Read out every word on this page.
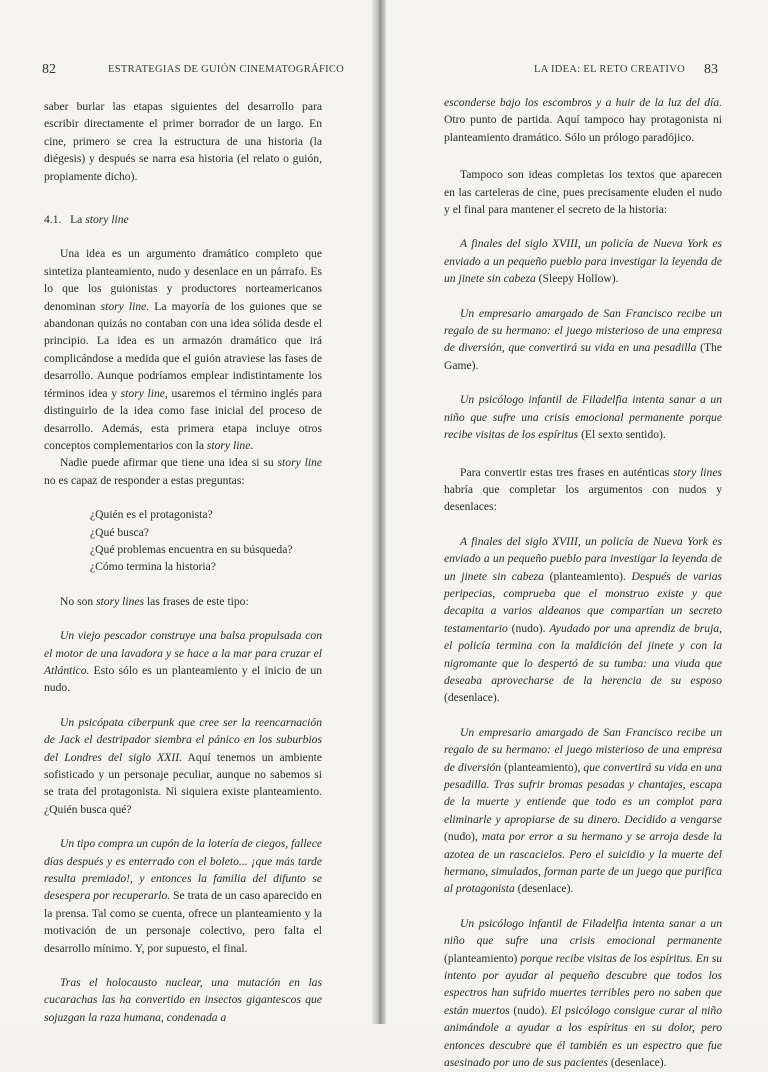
82	ESTRATEGIAS DE GUIÓN CINEMATOGRÁFICO

saber burlar las etapas siguientes del desarrollo para escribir directamente el primer borrador de un largo. En cine, primero se crea la estructura de una historia (la diégesis) y después se narra esa historia (el relato o guión, propiamente dicho).

4.1. La story line

Una idea es un argumento dramático completo que sintetiza planteamiento, nudo y desenlace en un párrafo. Es lo que los guionistas y productores norteamericanos denominan story line. La mayoría de los guiones que se abandonan quizás no contaban con una idea sólida desde el principio. La idea es un armazón dramático que irá complicándose a medida que el guión atraviese las fases de desarrollo. Aunque podríamos emplear indistintamente los términos idea y story line, usaremos el término inglés para distinguirlo de la idea como fase inicial del proceso de desarrollo. Además, esta primera etapa incluye otros conceptos complementarios con la story line.

Nadie puede afirmar que tiene una idea si su story line no es capaz de responder a estas preguntas:

¿Quién es el protagonista?

¿Qué busca?

¿Qué problemas encuentra en su búsqueda?

¿Cómo termina la historia?

No son story lines las frases de este tipo:

Un viejo pescador construye una balsa propulsada con el motor de una lavadora y se hace a la mar para cruzar el Atlántico. Esto sólo es un planteamiento y el inicio de un nudo.

Un psicópata ciberpunk que cree ser la reencarnación de Jack el destripador siembra el pánico en los suburbios del Londres del siglo XXII. Aquí tenemos un ambiente sofisticado y un personaje peculiar, aunque no sabemos si se trata del protagonista. Ni siquiera existe planteamiento. ¿Quién busca qué?

Un tipo compra un cupón de la lotería de ciegos, fallece días después y es enterrado con el boleto... ¡que más tarde resulta premiado!, y entonces la familia del difunto se desespera por recuperarlo. Se trata de un caso aparecido en la prensa. Tal como se cuenta, ofrece un planteamiento y la motivación de un personaje colectivo, pero falta el desarrollo mínimo. Y, por supuesto, el final.

Tras el holocausto nuclear, una mutación en las cucarachas las ha convertido en insectos gigantescos que sojuzgan la raza humana, condenada a

LA IDEA: EL RETO CREATIVO 83

esconderse bajo los escombros y a huir de la luz del día. Otro punto de partida. Aquí tampoco hay protagonista ni planteamiento dramático. Sólo un prólogo paradójico.

Tampoco son ideas completas los textos que aparecen en las carteleras de cine, pues precisamente eluden el nudo y el final para mantener el secreto de la historia:

A finales del siglo XVIII, un policía de Nueva York es enviado a un pequeño pueblo para investigar la leyenda de un jinete sin cabeza (Sleepy Hollow).

Un empresario amargado de San Francisco recibe un regalo de su hermano: el juego misterioso de una empresa de diversión, que convertirá su vida en una pesadilla (The Game).

Un psicólogo infantil de Filadelfia intenta sanar a un niño que sufre una crisis emocional permanente porque recibe visitas de los espíritus (El sexto sentido).

Para convertir estas tres frases en auténticas story lines habría que completar los argumentos con nudos y desenlaces:

A finales del siglo XVIII, un policía de Nueva York es enviado a un pequeño pueblo para investigar la leyenda de un jinete sin cabeza (planteamiento). Después de varias peripecias, comprueba que el monstruo existe y que decapita a varios aldeanos que compartían un secreto testamentario (nudo). Ayudado por una aprendiz de bruja, el policía termina con la maldición del jinete y con la nigromante que lo despertó de su tumba: una viuda que deseaba aprovecharse de la herencia de su esposo (desenlace).

Un empresario amargado de San Francisco recibe un regalo de su hermano: el juego misterioso de una empresa de diversión (planteamiento), que convertirá su vida en una pesadilla. Tras sufrir bromas pesadas y chantajes, escapa de la muerte y entiende que todo es un complot para eliminarle y apropiarse de su dinero. Decidido a vengarse (nudo), mata por error a su hermano y se arroja desde la azotea de un rascacielos. Pero el suicidio y la muerte del hermano, simulados, forman parte de un juego que purifica al protagonista (desenlace).

Un psicólogo infantil de Filadelfia intenta sanar a un niño que sufre una crisis emocional permanente (planteamiento) porque recibe visitas de los espíritus. En su intento por ayudar al pequeño descubre que todos los espectros han sufrido muertes terribles pero no saben que están muertos (nudo). El psicólogo consigue curar al niño animándole a ayudar a los espíritus en su dolor, pero entonces descubre que él también es un espectro que fue asesinado por uno de sus pacientes (desenlace).
